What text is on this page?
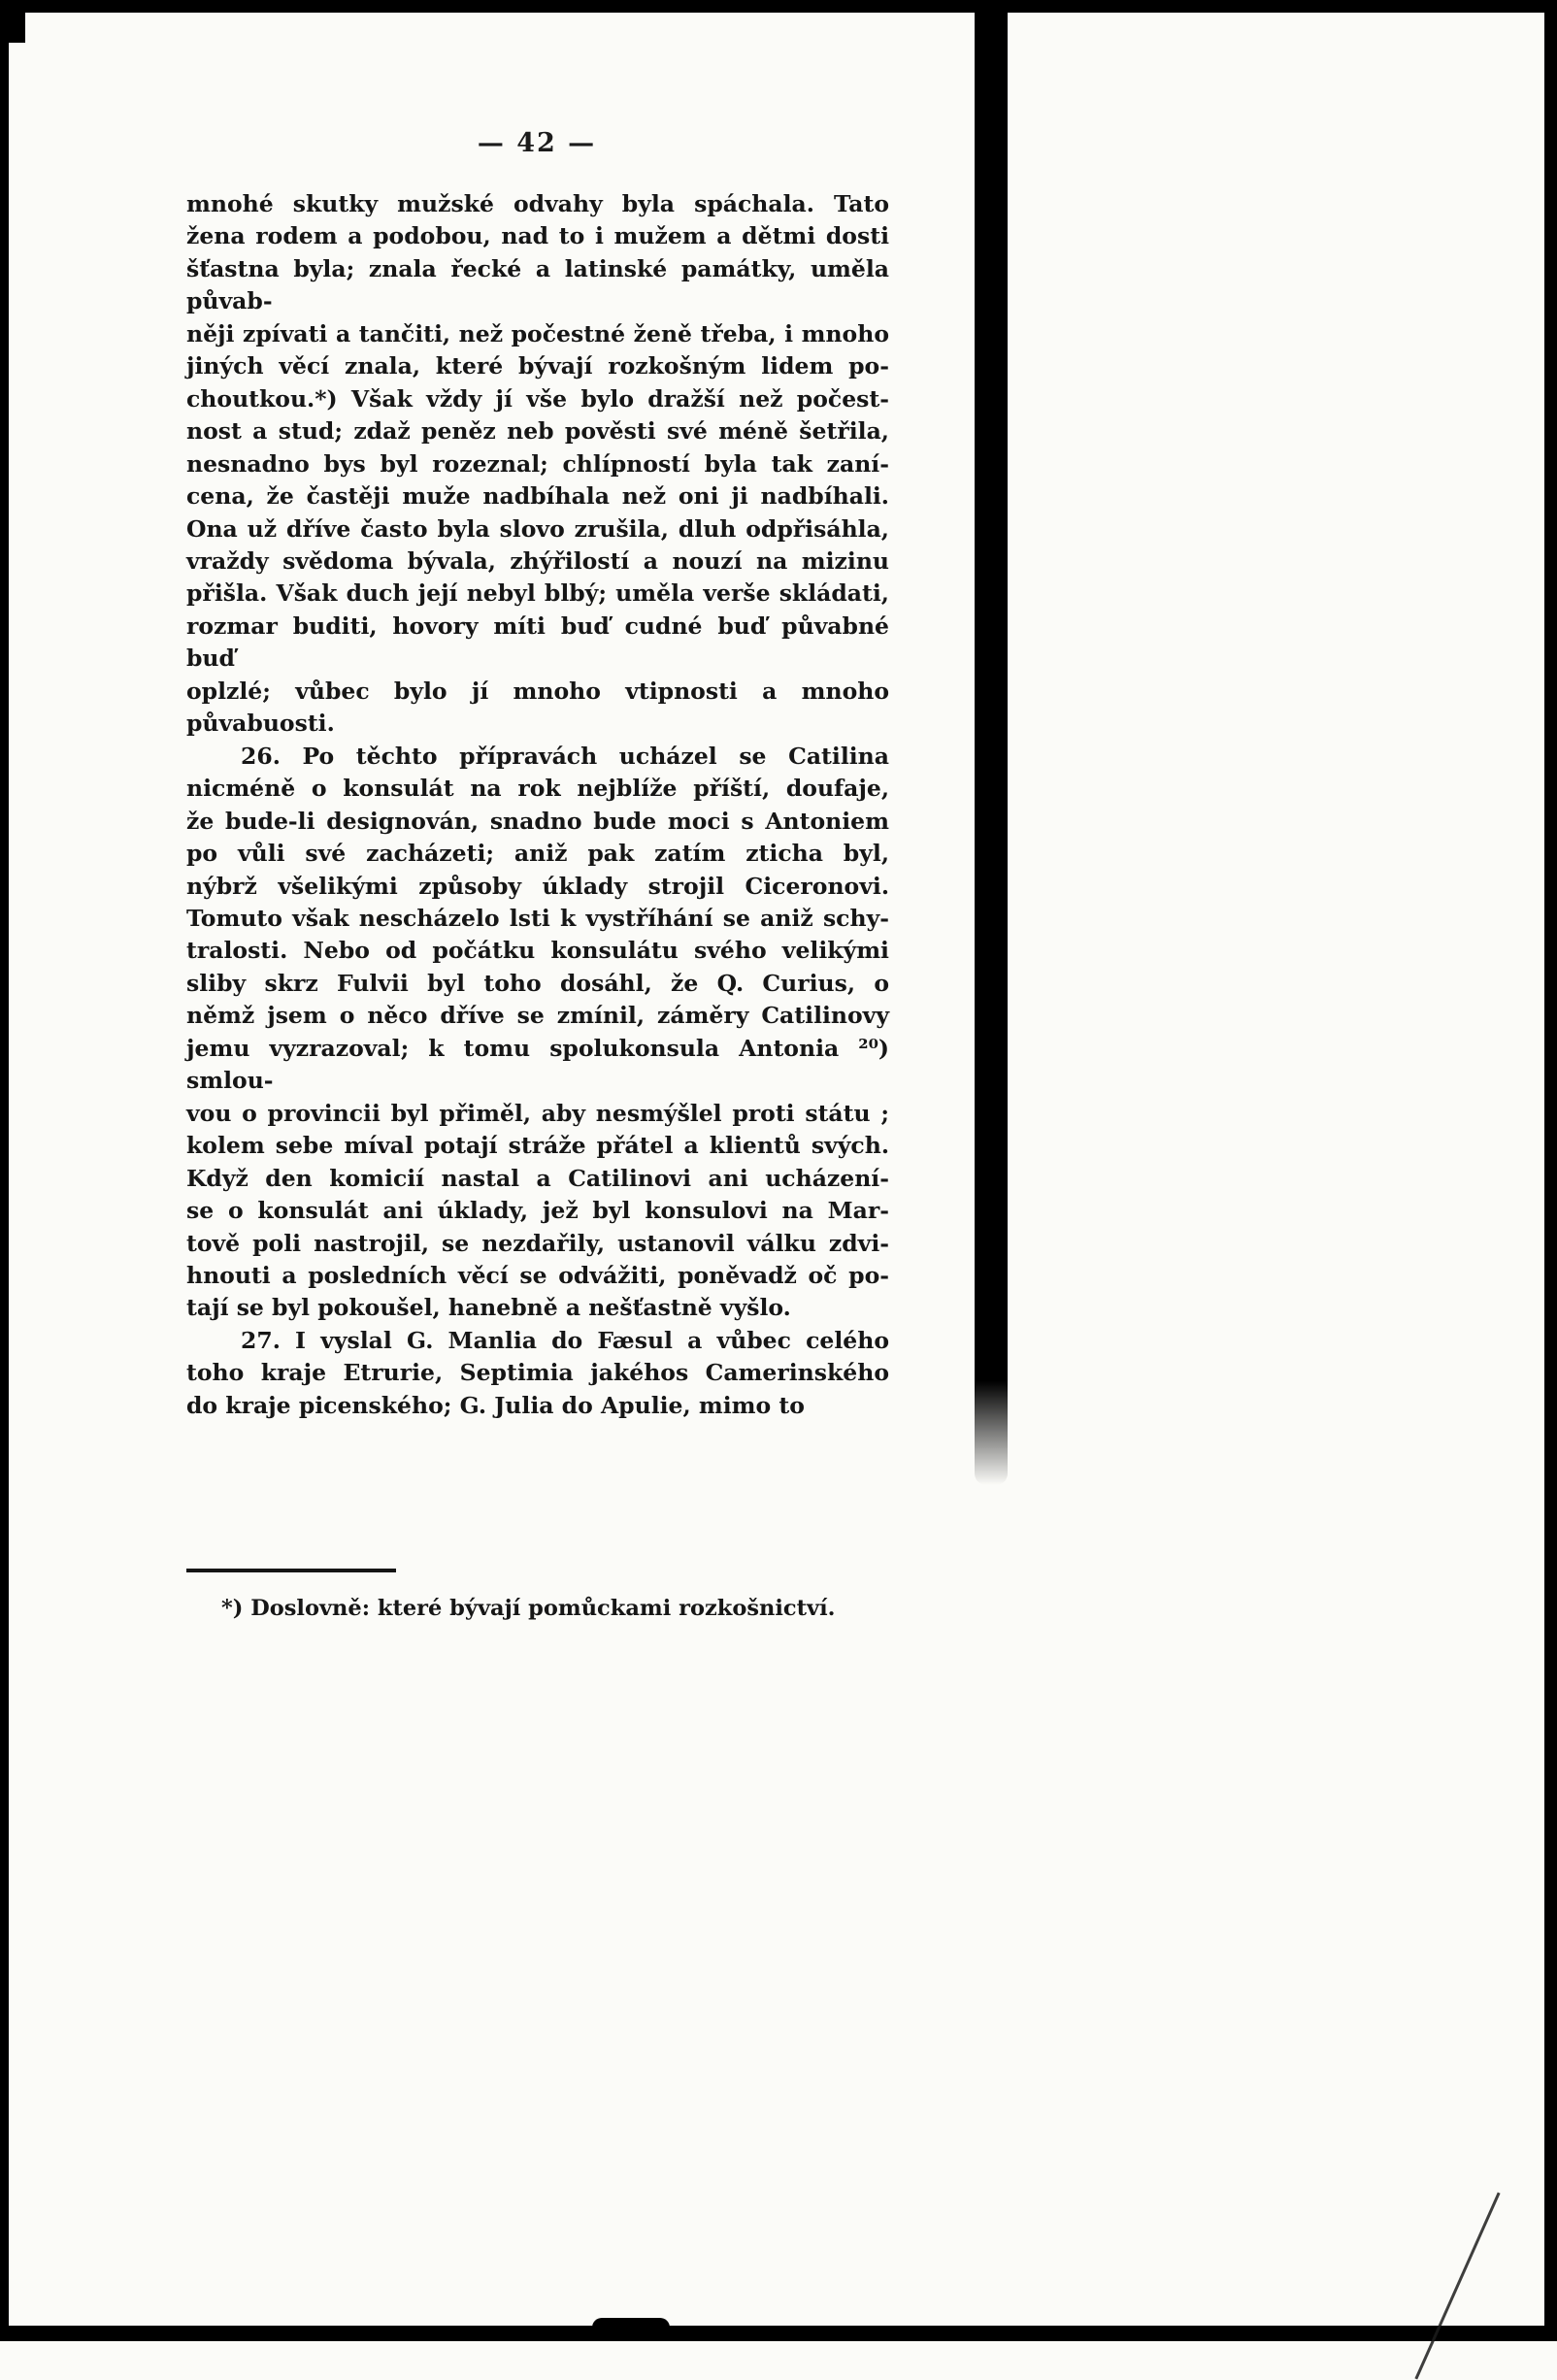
— 42 —
mnohé skutky mužské odvahy byla spáchala. Tato
žena rodem a podobou, nad to i mužem a dětmi dosti
šťastna byla; znala řecké a latinské památky, uměla půvab-
něji zpívati a tančiti, než počestné ženě třeba, i mnoho
jiných věcí znala, které bývají rozkošným lidem po-
choutkou.*) Však vždy jí vše bylo dražší než počest-
nost a stud; zdaž peněz neb pověsti své méně šetřila,
nesnadno bys byl rozeznal; chlípností byla tak zaní-
cena, že častěji muže nadbíhala než oni ji nadbíhali.
Ona už dříve často byla slovo zrušila, dluh odpřisáhla,
vraždy svědoma bývala, zhýřilostí a nouzí na mizinu
přišla. Však duch její nebyl blbý; uměla verše skládati,
rozmar buditi, hovory míti buď cudné buď půvabné buď
oplzlé; vůbec bylo jí mnoho vtipnosti a mnoho půvabuosti.
26. Po těchto přípravách ucházel se Catilina
nicméně o konsulát na rok nejblíže příští, doufaje,
že bude-li designován, snadno bude moci s Antoniem
po vůli své zacházeti; aniž pak zatím zticha byl,
nýbrž všelikými způsoby úklady strojil Ciceronovi.
Tomuto však nescházelo lsti k vystříhání se aniž schy-
tralosti. Nebo od počátku konsulátu svého velikými
sliby skrz Fulvii byl toho dosáhl, že Q. Curius, o
němž jsem o něco dříve se zmínil, záměry Catilinovy
jemu vyzrazoval; k tomu spolukonsula Antonia ²⁰) smlou-
vou o provincii byl přiměl, aby nesmýšlel proti státu ;
kolem sebe míval potají stráže přátel a klientů svých.
Když den komicií nastal a Catilinovi ani ucházení-
se o konsulát ani úklady, jež byl konsulovi na Mar-
tově poli nastrojil, se nezdařily, ustanovil válku zdvi-
hnouti a posledních věcí se odvážiti, poněvadž oč po-
tají se byl pokoušel, hanebně a nešťastně vyšlo.
27. I vyslal G. Manlia do Fæsul a vůbec celého
toho kraje Etrurie, Septimia jakéhos Camerinského
do kraje picenského; G. Julia do Apulie, mimo to
*) Doslovně: které bývají pomůckami rozkošnictví.
